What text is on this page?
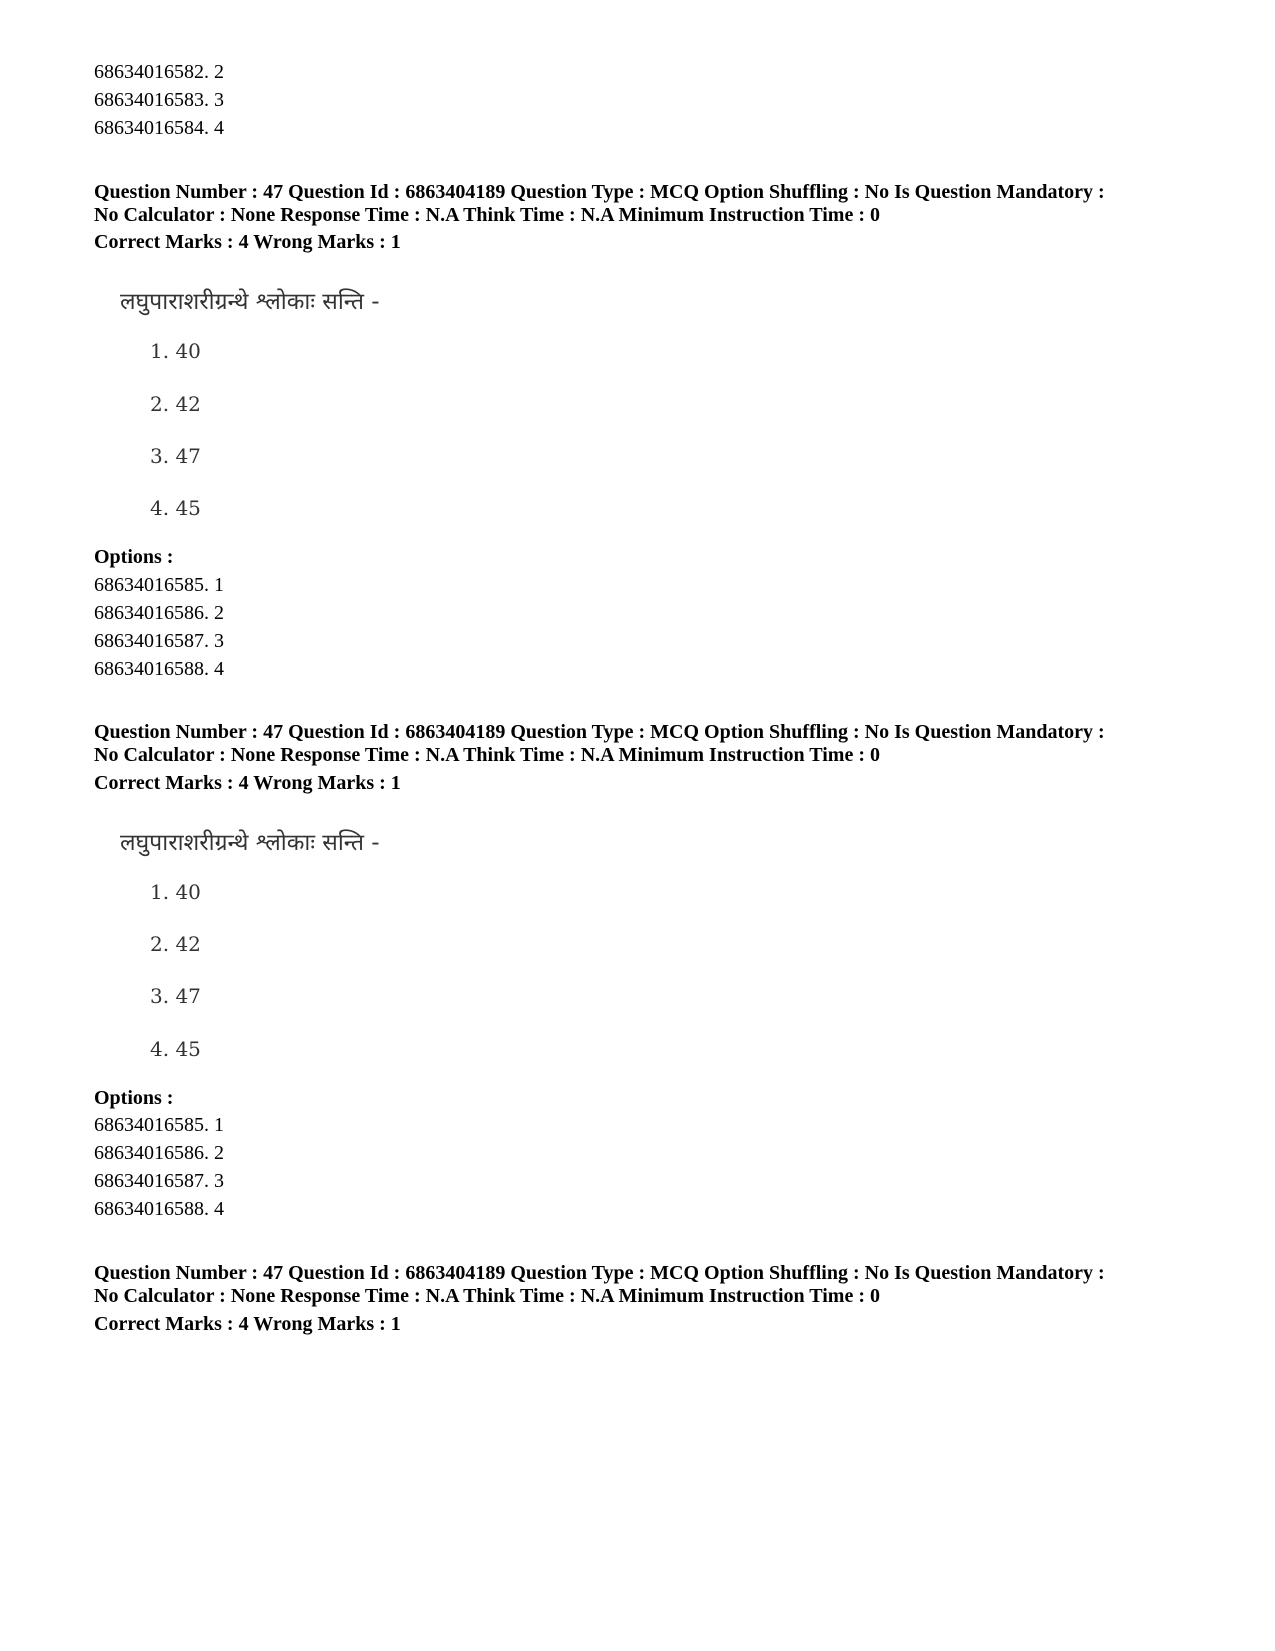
68634016582. 2
68634016583. 3
68634016584. 4
Question Number : 47 Question Id : 6863404189 Question Type : MCQ Option Shuffling : No Is Question Mandatory :
No Calculator : None Response Time : N.A Think Time : N.A Minimum Instruction Time : 0
Correct Marks : 4 Wrong Marks : 1
लघुपाराशरीग्रन्थे श्लोकाः सन्ति -
1. 40
2. 42
3. 47
4. 45
Options :
68634016585. 1
68634016586. 2
68634016587. 3
68634016588. 4
Question Number : 47 Question Id : 6863404189 Question Type : MCQ Option Shuffling : No Is Question Mandatory :
No Calculator : None Response Time : N.A Think Time : N.A Minimum Instruction Time : 0
Correct Marks : 4 Wrong Marks : 1
लघुपाराशरीग्रन्थे श्लोकाः सन्ति -
1. 40
2. 42
3. 47
4. 45
Options :
68634016585. 1
68634016586. 2
68634016587. 3
68634016588. 4
Question Number : 47 Question Id : 6863404189 Question Type : MCQ Option Shuffling : No Is Question Mandatory :
No Calculator : None Response Time : N.A Think Time : N.A Minimum Instruction Time : 0
Correct Marks : 4 Wrong Marks : 1
